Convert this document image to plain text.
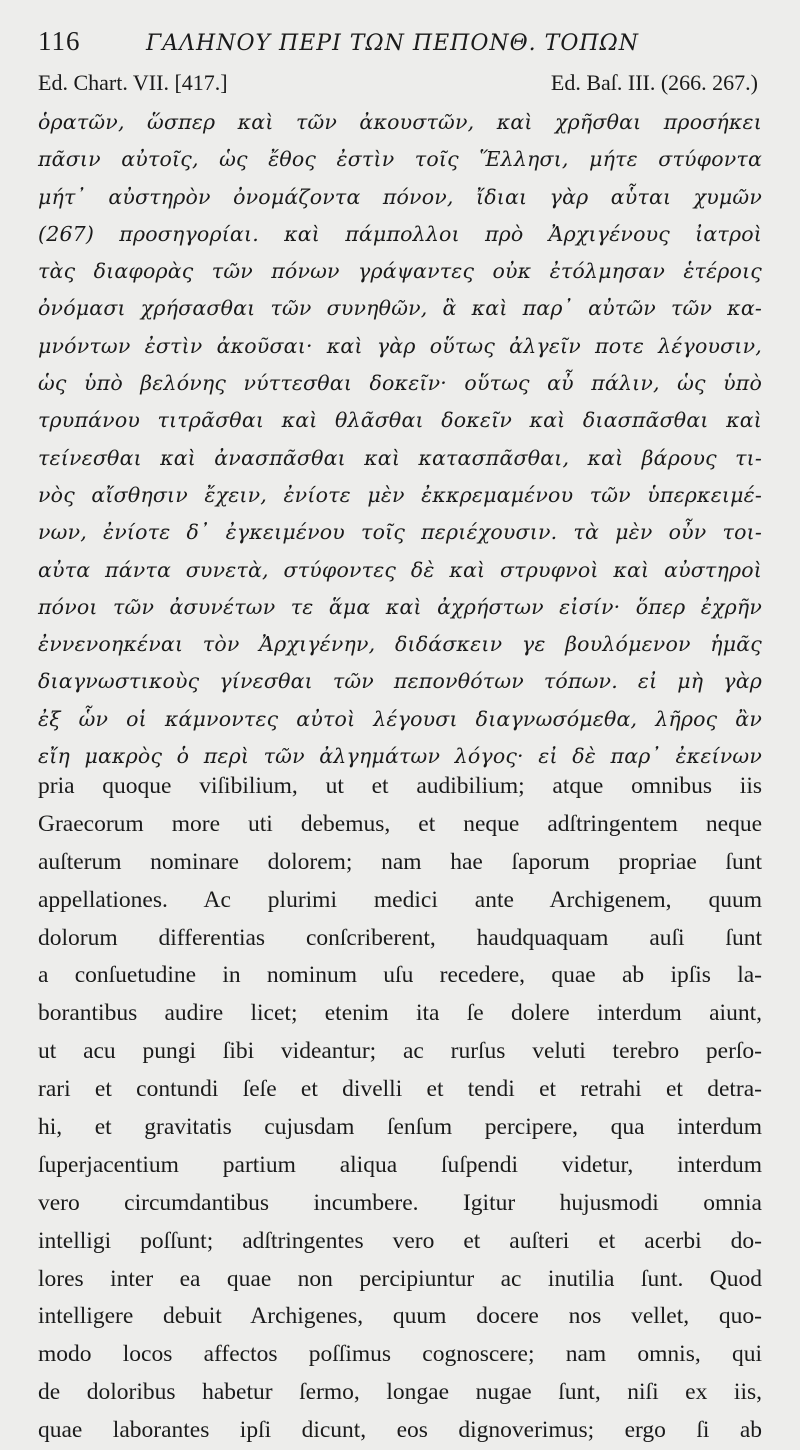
116	ΓΑΛΗΝΟΥ ΠΕΡΙ ΤΩΝ ΠΕΠΟΝΘ. ΤΟΠΩΝ
Ed. Chart. VII. [417.]	Ed. Baſ. III. (266. 267.)
ὁρατῶν, ὥσπερ καὶ τῶν ἀκουστῶν, καὶ χρῆσθαι προσήκει
πᾶσιν αὐτοῖς, ὡς ἔθος ἐστὶν τοῖς Ἕλλησι, μήτε στύφοντα
μήτ᾽ αὐστηρὸν ὀνομάζοντα πόνον, ἴδιαι γὰρ αὗται χυμῶν
(267) προσηγορίαι. καὶ πάμπολλοι πρὸ Ἀρχιγένους ἰατροὶ
τὰς διαφορὰς τῶν πόνων γράψαντες οὐκ ἐτόλμησαν ἑτέροις
ὀνόμασι χρήσασθαι τῶν συνηθῶν, ἃ καὶ παρ᾽ αὐτῶν τῶν κα-
μνόντων ἐστὶν ἀκοῦσαι· καὶ γὰρ οὕτως ἀλγεῖν ποτε λέγουσιν,
ὡς ὑπὸ βελόνης νύττεσθαι δοκεῖν· οὕτως αὖ πάλιν, ὡς ὑπὸ
τρυπάνου τιτρᾶσθαι καὶ θλᾶσθαι δοκεῖν καὶ διασπᾶσθαι καὶ
τείνεσθαι καὶ ἀνασπᾶσθαι καὶ κατασπᾶσθαι, καὶ βάρους τι-
νὸς αἴσθησιν ἔχειν, ἐνίοτε μὲν ἐκκρεμαμένου τῶν ὑπερκειμέ-
νων, ἐνίοτε δ᾽ ἐγκειμένου τοῖς περιέχουσιν. τὰ μὲν οὖν τοι-
αὐτα πάντα συνετὰ, στύφοντες δὲ καὶ στρυφνοὶ καὶ αὐστηροὶ
πόνοι τῶν ἀσυνέτων τε ἅμα καὶ ἀχρήστων εἰσίν· ὅπερ ἐχρῆν
ἐννενοηκέναι τὸν Ἀρχιγένην, διδάσκειν γε βουλόμενον ἡμᾶς
διαγνωστικοὺς γίνεσθαι τῶν πεπονθότων τόπων. εἰ μὴ γὰρ
ἐξ ὧν οἱ κάμνοντες αὐτοὶ λέγουσι διαγνωσόμεθα, λῆρος ἂν
εἴη μακρὸς ὁ περὶ τῶν ἀλγημάτων λόγος· εἰ δὲ παρ᾽ ἐκείνων
pria quoque viſibilium, ut et audibilium; atque omnibus iis
Graecorum more uti debemus, et neque adſtringentem neque
auſterum nominare dolorem; nam hae ſaporum propriae ſunt
appellationes. Ac plurimi medici ante Archigenem, quum
dolorum differentias conſcriberent, haudquaquam auſi ſunt
a conſuetudine in nominum uſu recedere, quae ab ipſis la-
borantibus audire licet; etenim ita ſe dolere interdum aiunt,
ut acu pungi ſibi videantur; ac rurſus veluti terebro perſo-
rari et contundi ſeſe et divelli et tendi et retrahi et detra-
hi, et gravitatis cujusdam ſenſum percipere, qua interdum
ſuperjacentium partium aliqua ſuſpendi videtur, interdum
vero circumdantibus incumbere. Igitur hujusmodi omnia
intelligi poſſunt; adſtringentes vero et auſteri et acerbi do-
lores inter ea quae non percipiuntur ac inutilia ſunt. Quod
intelligere debuit Archigenes, quum docere nos vellet, quo-
modo locos affectos poſſimus cognoscere; nam omnis, qui
de doloribus habetur ſermo, longae nugae ſunt, niſi ex iis,
quae laborantes ipſi dicunt, eos dignoverimus; ergo ſi ab
